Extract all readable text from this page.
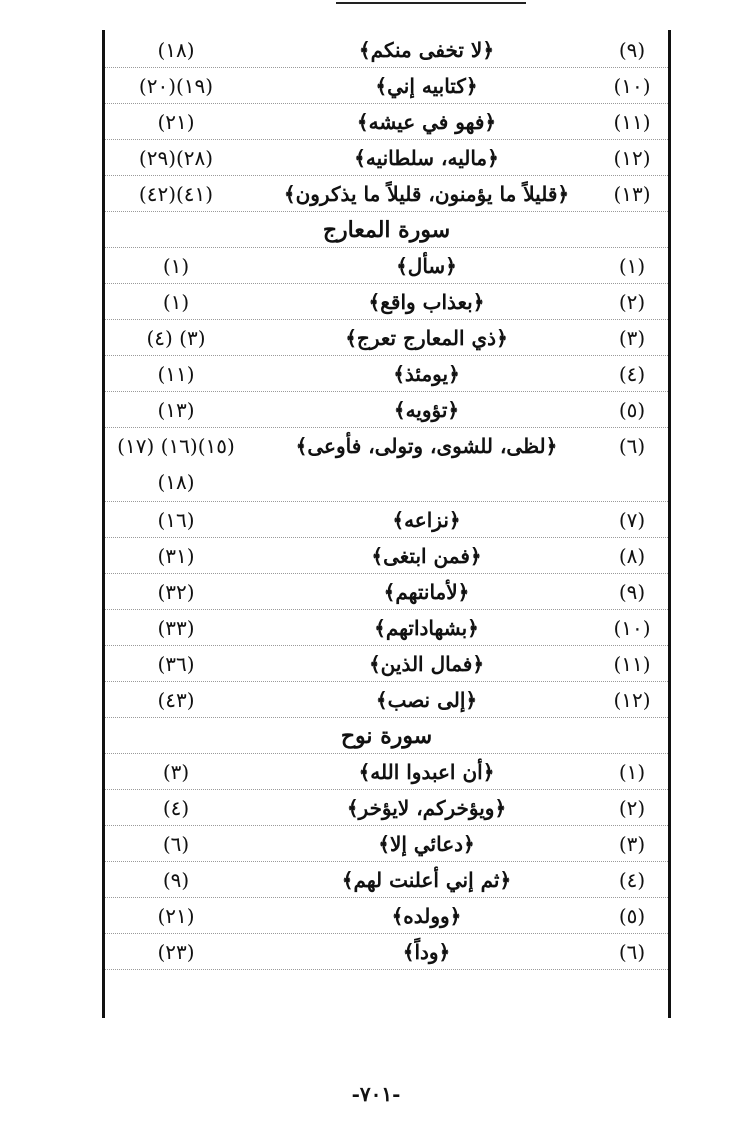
(٩)
﴿لا تخفى منكم﴾
(١٨)
(١٠)
﴿كتابيه إني﴾
(١٩)(٢٠)
(١١)
﴿فهو في عيشه﴾
(٢١)
(١٢)
﴿ماليه، سلطانيه﴾
(٢٨)(٢٩)
(١٣)
﴿قليلاً ما يؤمنون، قليلاً ما يذكرون﴾
(٤١)(٤٢)
سورة المعارج
(١)
﴿سأل﴾
(١)
(٢)
﴿بعذاب واقع﴾
(١)
(٣)
﴿ذي المعارج تعرج﴾
(٣) (٤)
(٤)
﴿يومئذ﴾
(١١)
(٥)
﴿تؤويه﴾
(١٣)
(٦)
﴿لظى، للشوى، وتولى، فأوعى﴾
(١٥)(١٦) (١٧)(١٨)
(٧)
﴿نزاعه﴾
(١٦)
(٨)
﴿فمن ابتغى﴾
(٣١)
(٩)
﴿لأمانتهم﴾
(٣٢)
(١٠)
﴿بشهاداتهم﴾
(٣٣)
(١١)
﴿فمال الذين﴾
(٣٦)
(١٢)
﴿إلى نصب﴾
(٤٣)
سورة نوح
(١)
﴿أن اعبدوا الله﴾
(٣)
(٢)
﴿ويؤخركم، لايؤخر﴾
(٤)
(٣)
﴿دعائي إلا﴾
(٦)
(٤)
﴿ثم إني أعلنت لهم﴾
(٩)
(٥)
﴿وولده﴾
(٢١)
(٦)
﴿وداً﴾
(٢٣)
-٧٠١-
